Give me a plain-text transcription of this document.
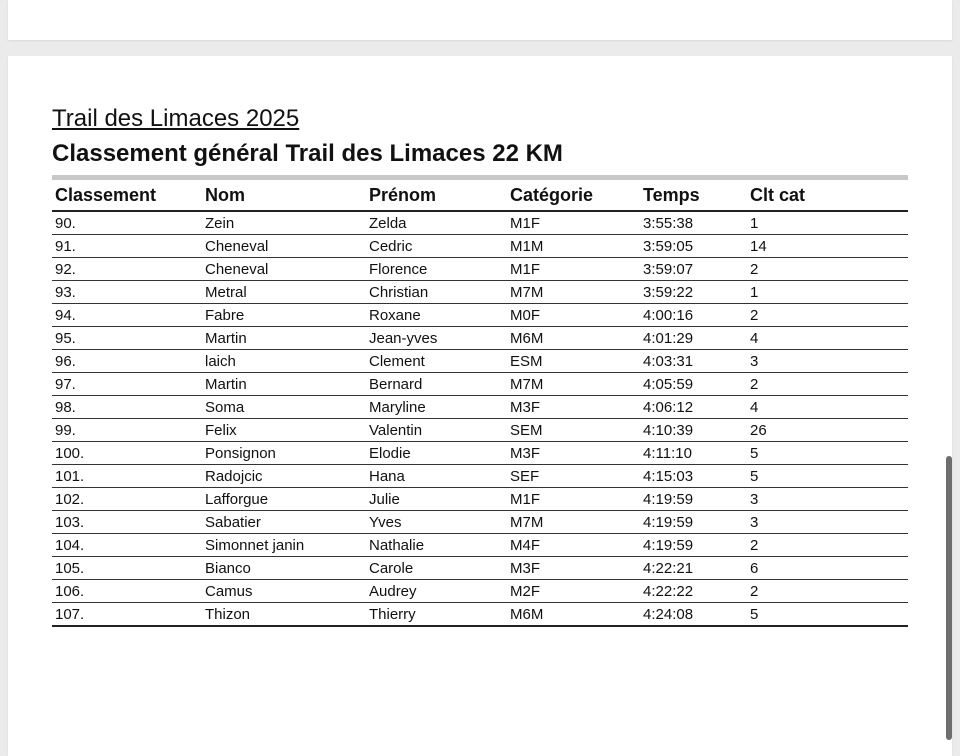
Trail des Limaces 2025
Classement général Trail des Limaces 22 KM
Classement	Nom	Prénom	Catégorie	Temps	Clt cat
90.	Zein	Zelda	M1F	3:55:38	1
91.	Cheneval	Cedric	M1M	3:59:05	14
92.	Cheneval	Florence	M1F	3:59:07	2
93.	Metral	Christian	M7M	3:59:22	1
94.	Fabre	Roxane	M0F	4:00:16	2
95.	Martin	Jean-yves	M6M	4:01:29	4
96.	laich	Clement	ESM	4:03:31	3
97.	Martin	Bernard	M7M	4:05:59	2
98.	Soma	Maryline	M3F	4:06:12	4
99.	Felix	Valentin	SEM	4:10:39	26
100.	Ponsignon	Elodie	M3F	4:11:10	5
101.	Radojcic	Hana	SEF	4:15:03	5
102.	Lafforgue	Julie	M1F	4:19:59	3
103.	Sabatier	Yves	M7M	4:19:59	3
104.	Simonnet janin	Nathalie	M4F	4:19:59	2
105.	Bianco	Carole	M3F	4:22:21	6
106.	Camus	Audrey	M2F	4:22:22	2
107.	Thizon	Thierry	M6M	4:24:08	5
